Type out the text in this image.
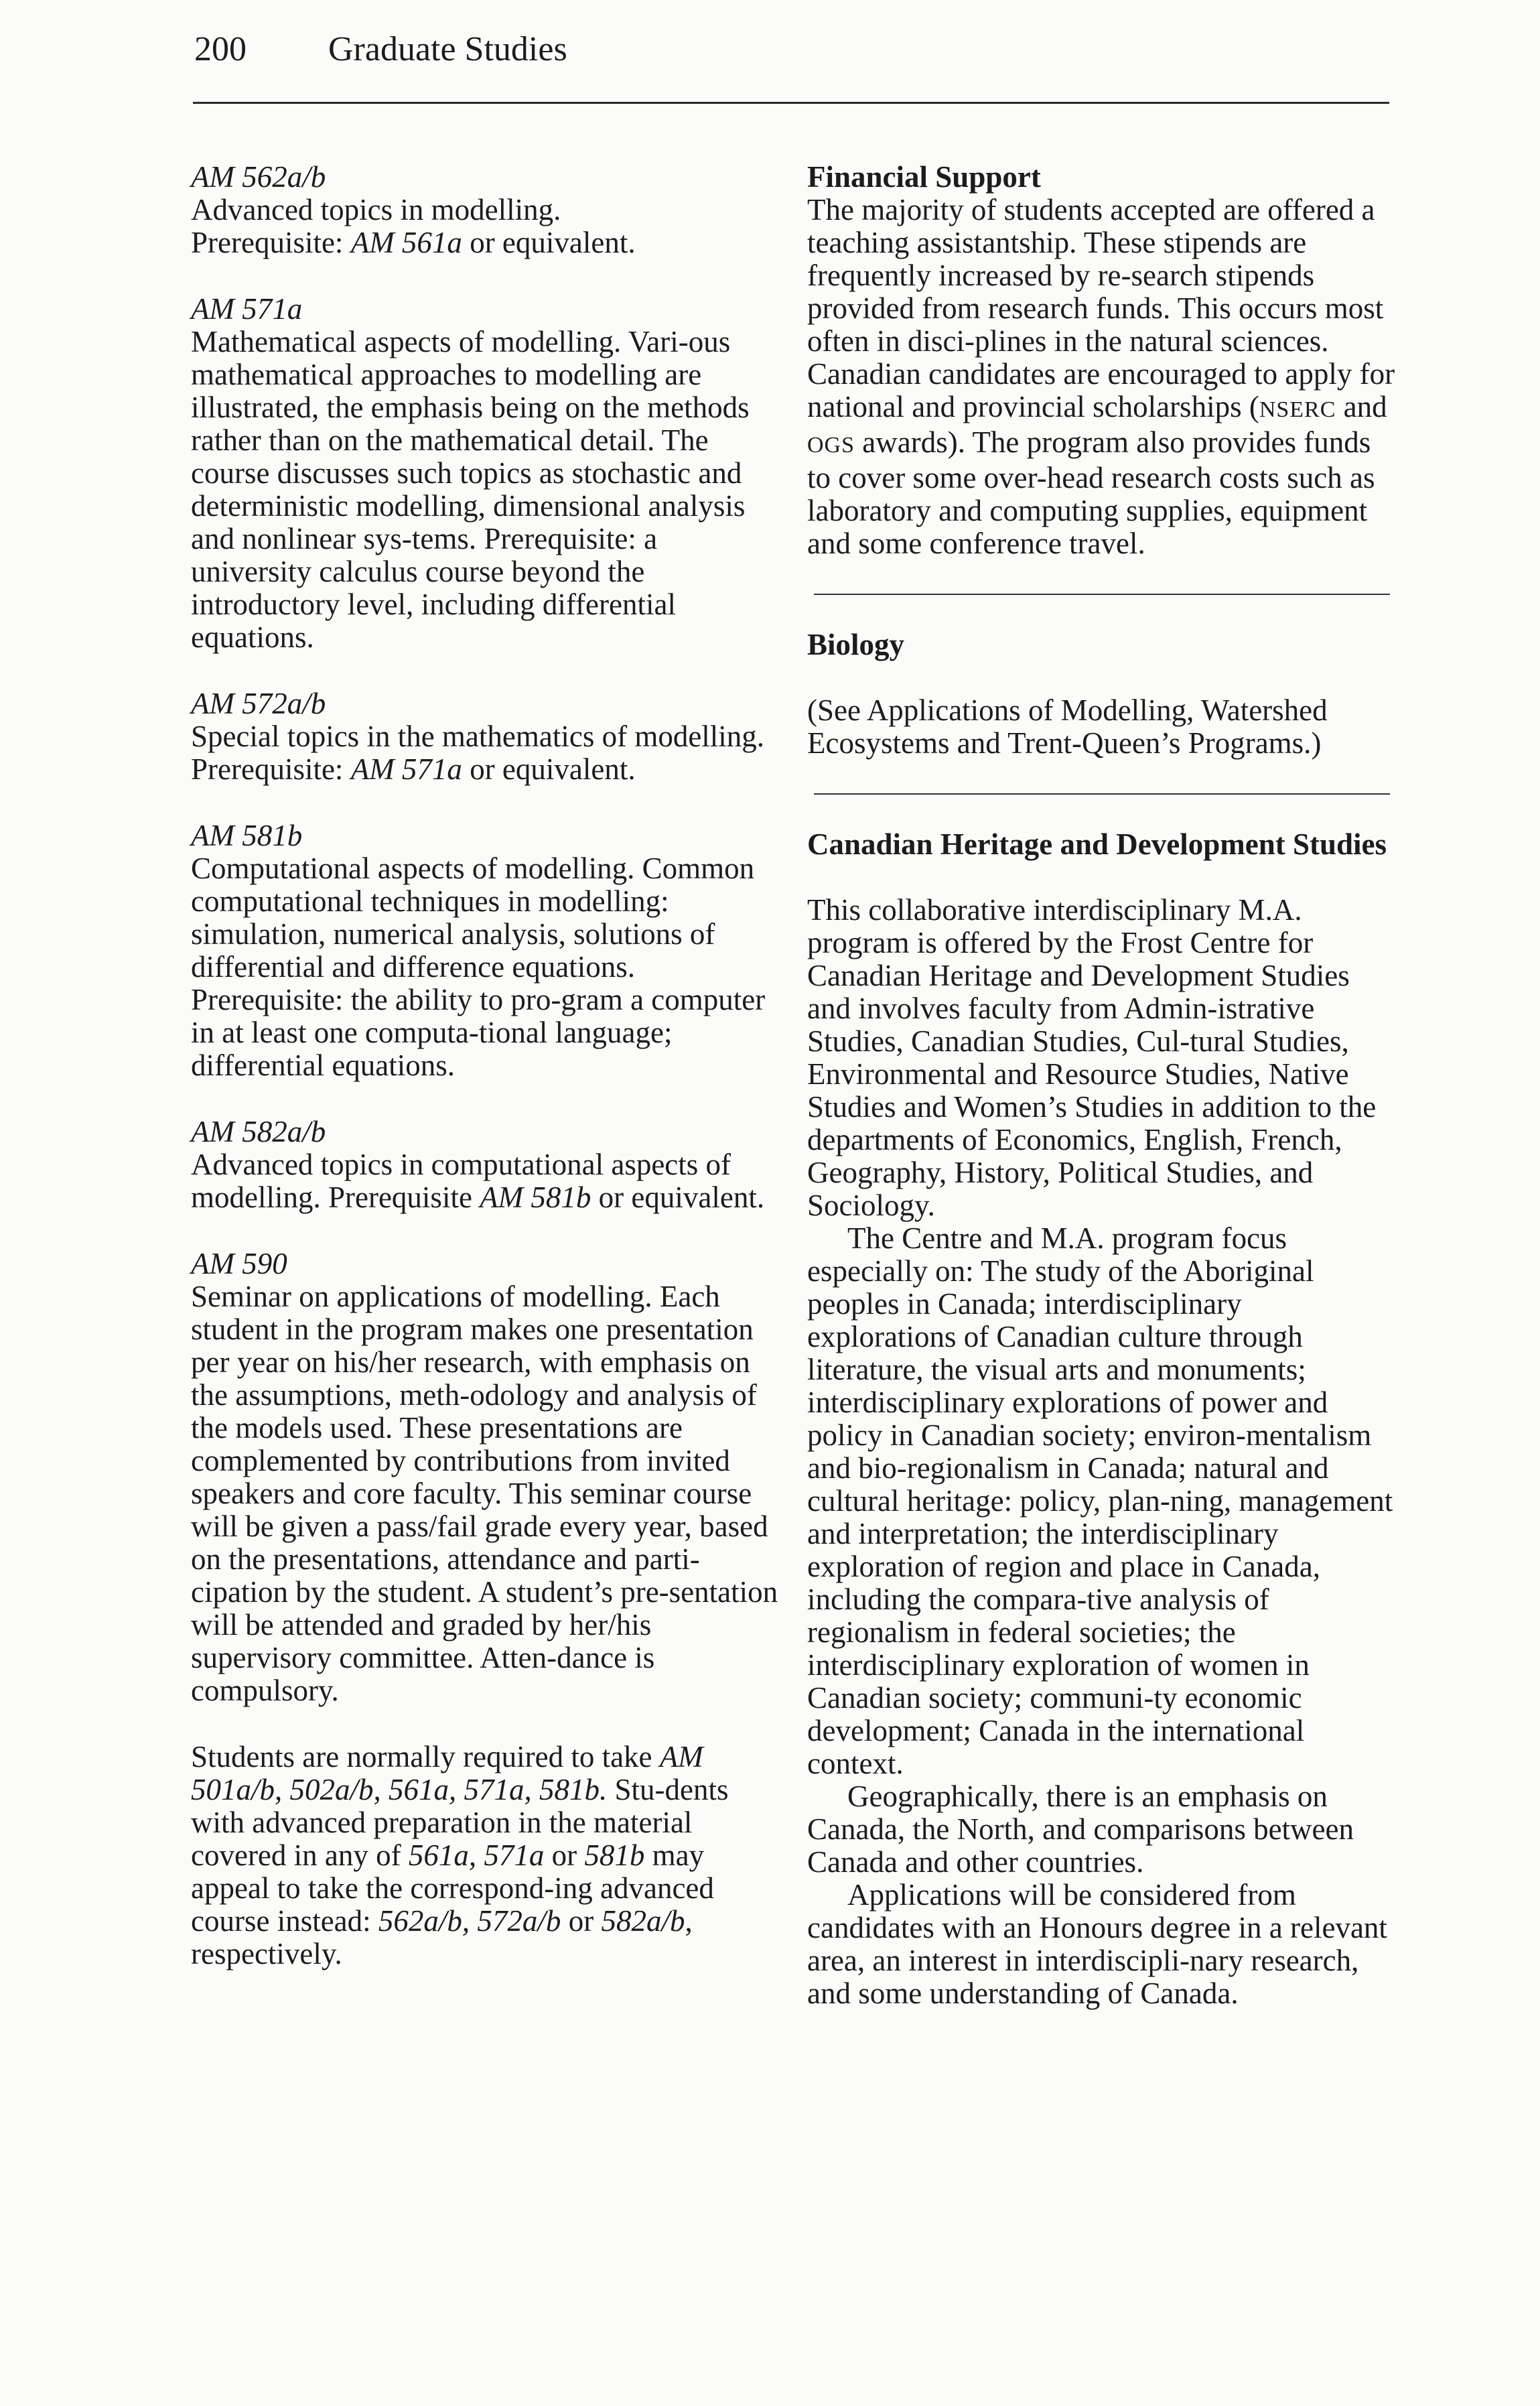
200 Graduate Studies

AM 562a/b

Advanced topics in modelling.

Prerequisite: AM 561a or equivalent.

AM 571a

Mathematical aspects of modelling. Vari-ous mathematical approaches to modelling are illustrated, the emphasis being on the methods rather than on the mathematical detail. The course discusses such topics as stochastic and deterministic modelling, dimensional analysis and nonlinear sys-tems. Prerequisite: a university calculus course beyond the introductory level, including differential equations.

AM 572a/b

Special topics in the mathematics of modelling. Prerequisite: AM 571a or equivalent.

AM 581b

Computational aspects of modelling. Common computational techniques in modelling: simulation, numerical analysis, solutions of differential and difference equations. Prerequisite: the ability to pro-gram a computer in at least one computa-tional language; differential equations.

AM 582a/b

Advanced topics in computational aspects of modelling. Prerequisite AM 581b or equivalent.

AM 590

Seminar on applications of modelling. Each student in the program makes one presentation per year on his/her research, with emphasis on the assumptions, meth-odology and analysis of the models used. These presentations are complemented by contributions from invited speakers and core faculty. This seminar course will be given a pass/fail grade every year, based on the presentations, attendance and parti-cipation by the student. A student’s pre-sentation will be attended and graded by her/his supervisory committee. Atten-dance is compulsory.

Students are normally required to take AM 501a/b, 502a/b, 561a, 571a, 581b. Stu-dents with advanced preparation in the material covered in any of 561a, 571a or 581b may appeal to take the correspond-ing advanced course instead: 562a/b, 572a/b or 582a/b, respectively.

Financial Support

The majority of students accepted are offered a teaching assistantship. These stipends are frequently increased by re-search stipends provided from research funds. This occurs most often in disci-plines in the natural sciences. Canadian candidates are encouraged to apply for national and provincial scholarships (NSERC and OGS awards). The program also provides funds to cover some over-head research costs such as laboratory and computing supplies, equipment and some conference travel.

Biology

(See Applications of Modelling, Watershed Ecosystems and Trent-Queen’s Programs.)

Canadian Heritage and Development Studies

This collaborative interdisciplinary M.A. program is offered by the Frost Centre for Canadian Heritage and Development Studies and involves faculty from Admin-istrative Studies, Canadian Studies, Cul-tural Studies, Environmental and Resource Studies, Native Studies and Women’s Studies in addition to the departments of Economics, English, French, Geography, History, Political Studies, and Sociology.

The Centre and M.A. program focus especially on: The study of the Aboriginal peoples in Canada; interdisciplinary explorations of Canadian culture through literature, the visual arts and monuments; interdisciplinary explorations of power and policy in Canadian society; environ-mentalism and bio-regionalism in Canada; natural and cultural heritage: policy, plan-ning, management and interpretation; the interdisciplinary exploration of region and place in Canada, including the compara-tive analysis of regionalism in federal societies; the interdisciplinary exploration of women in Canadian society; communi-ty economic development; Canada in the international context.

Geographically, there is an emphasis on Canada, the North, and comparisons between Canada and other countries.

Applications will be considered from candidates with an Honours degree in a relevant area, an interest in interdiscipli-nary research, and some understanding of Canada.
